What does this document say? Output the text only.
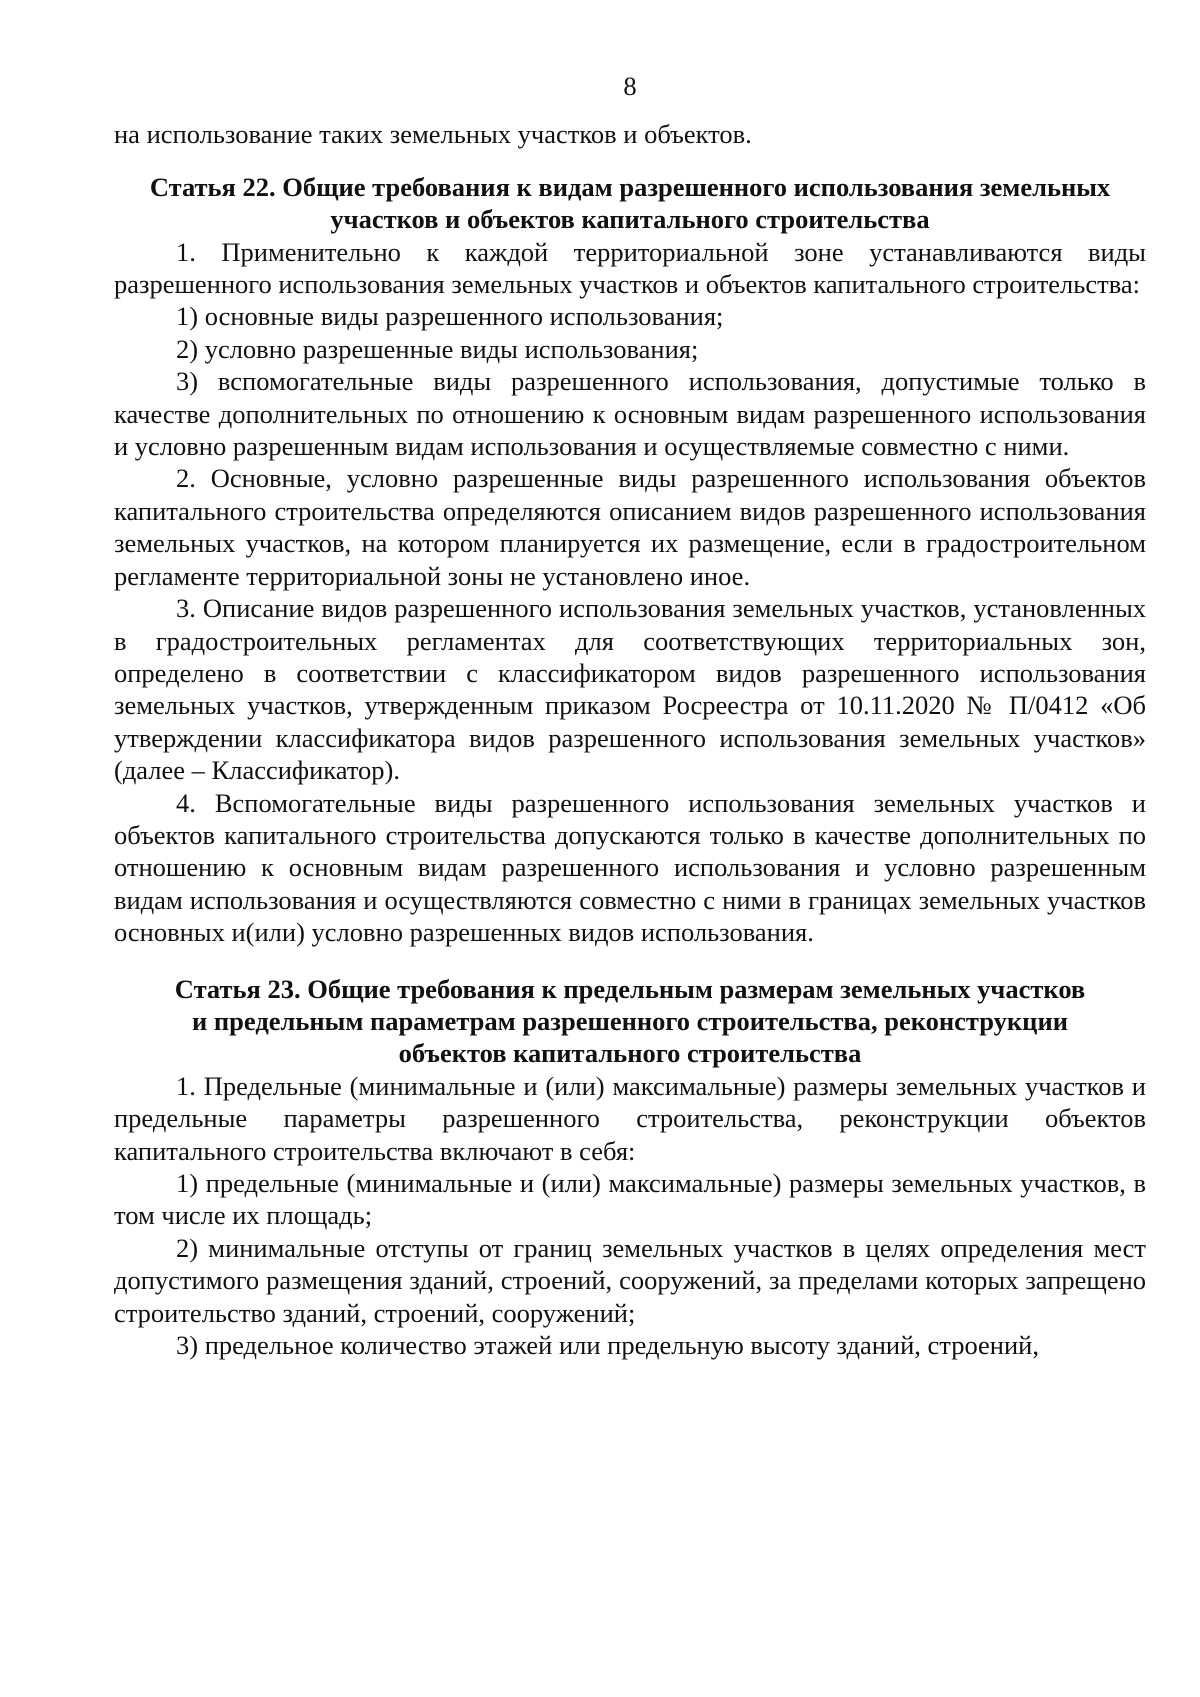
8

на использование таких земельных участков и объектов.

Статья 22. Общие требования к видам разрешенного использования земельных

участков и объектов капитального строительства

1. Применительно к каждой территориальной зоне устанавливаются виды разрешенного использования земельных участков и объектов капитального строительства:

1) основные виды разрешенного использования;

2) условно разрешенные виды использования;

3) вспомогательные виды разрешенного использования, допустимые только в качестве дополнительных по отношению к основным видам разрешенного использования и условно разрешенным видам использования и осуществляемые совместно с ними.

2. Основные, условно разрешенные виды разрешенного использования объектов капитального строительства определяются описанием видов разрешенного использования земельных участков, на котором планируется их размещение, если в градостроительном регламенте территориальной зоны не установлено иное.

3. Описание видов разрешенного использования земельных участков, установленных в градостроительных регламентах для соответствующих территориальных зон, определено в соответствии с классификатором видов разрешенного использования земельных участков, утвержденным приказом Росреестра от 10.11.2020 № П/0412 «Об утверждении классификатора видов разрешенного использования земельных участков» (далее – Классификатор).

4. Вспомогательные виды разрешенного использования земельных участков и объектов капитального строительства допускаются только в качестве дополнительных по отношению к основным видам разрешенного использования и условно разрешенным видам использования и осуществляются совместно с ними в границах земельных участков основных и(или) условно разрешенных видов использования.

Статья 23. Общие требования к предельным размерам земельных участков

и предельным параметрам разрешенного строительства, реконструкции

объектов капитального строительства

1. Предельные (минимальные и (или) максимальные) размеры земельных участков и предельные параметры разрешенного строительства, реконструкции объектов капитального строительства включают в себя:

1) предельные (минимальные и (или) максимальные) размеры земельных участков, в том числе их площадь;

2) минимальные отступы от границ земельных участков в целях определения мест допустимого размещения зданий, строений, сооружений, за пределами которых запрещено строительство зданий, строений, сооружений;

3) предельное количество этажей или предельную высоту зданий, строений,
